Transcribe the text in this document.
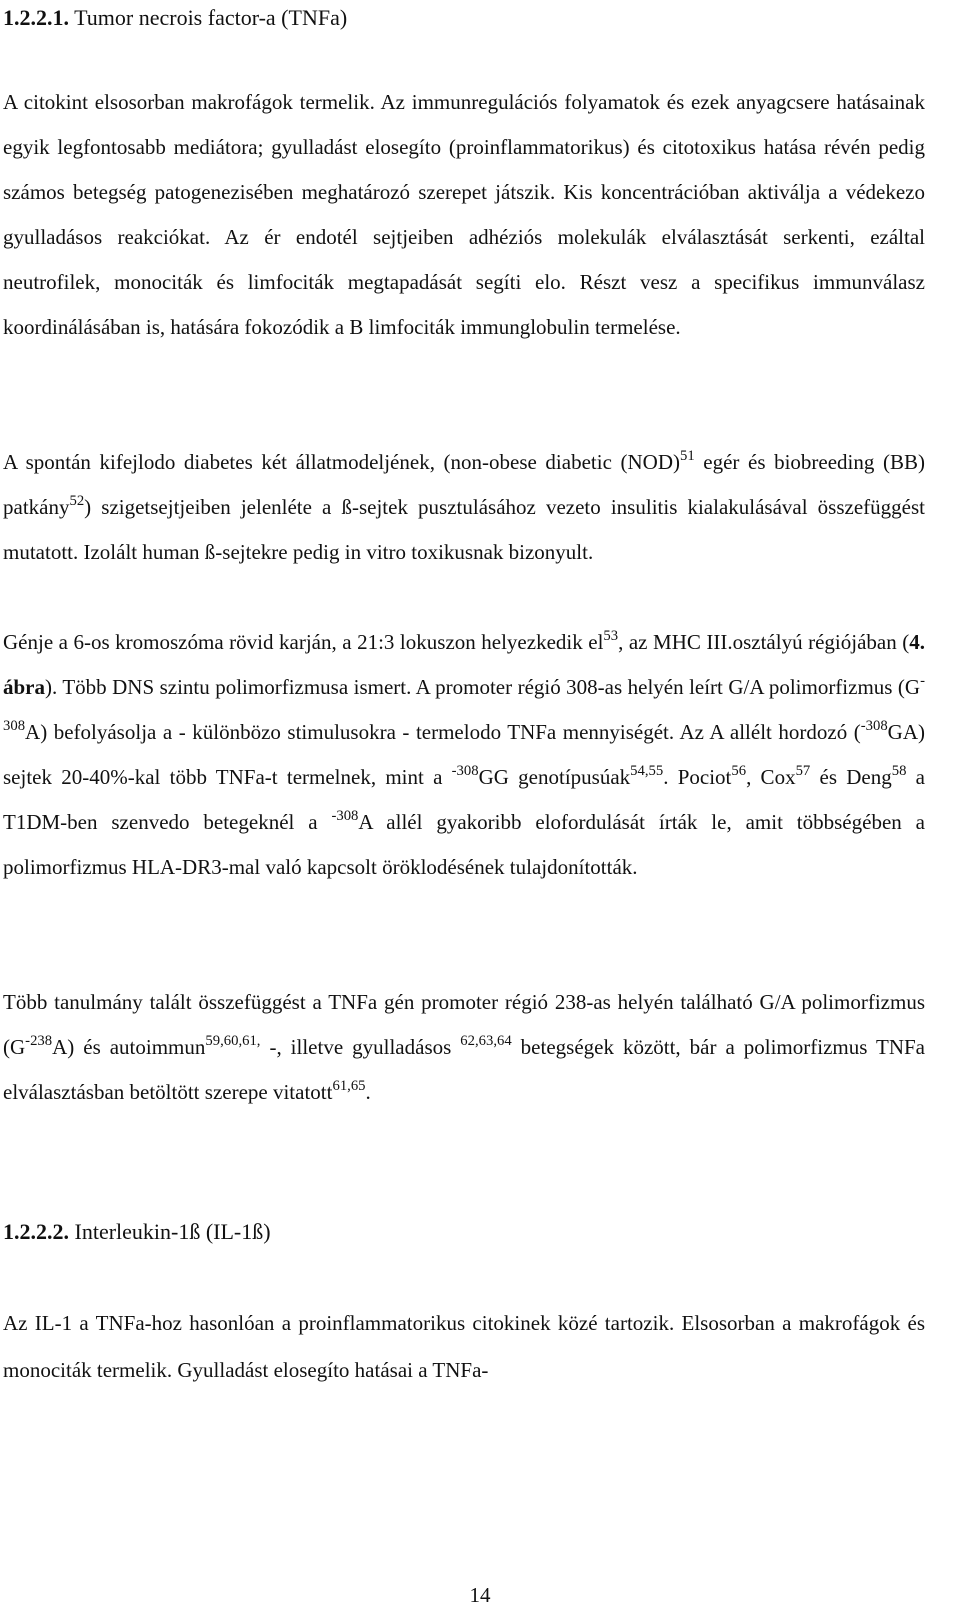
1.2.2.1. Tumor necrois factor-a (TNFa)

A citokint elsosorban makrofágok termelik. Az immunregulációs folyamatok és ezek anyagcsere hatásainak egyik legfontosabb mediátora; gyulladást elosegíto (proinflammatorikus) és citotoxikus hatása révén pedig számos betegség patogenezisében meghatározó szerepet játszik. Kis koncentrációban aktiválja a védekezo gyulladásos reakciókat. Az ér endotél sejtjeiben adhéziós molekulák elválasztását serkenti, ezáltal neutrofilek, monociták és limfociták megtapadását segíti elo. Részt vesz a specifikus immunválasz koordinálásában is, hatására fokozódik a B limfociták immunglobulin termelése.

A spontán kifejlodo diabetes két állatmodeljének, (non-obese diabetic (NOD)$^{51}$ egér és biobreeding (BB) patkány$^{52}$) szigetsejtjeiben jelenléte a ß-sejtek pusztulásához vezeto insulitis kialakulásával összefüggést mutatott. Izolált human ß-sejtekre pedig in vitro toxikusnak bizonyult.

Génje a 6-os kromoszóma rövid karján, a 21:3 lokuszon helyezkedik $el^{53}$, az MHC III.osztályú régiójában (4. ábra). Több DNS szintu polimorfizmusa ismert. A promoter régió 308-as helyén leírt G/A polimorfizmus $(G^{-308}A)$ befolyásolja a - különbözo stimulusokra - termelodo TNFa mennyiségét. Az A allélt hordozó ($^{-308}$GA) sejtek 20-40%-kal több TNFa-t termelnek, mint a $^{-308}$GG genotípusúak$^{54,55}$. Pociot$^{56}$, Cox$^{57}$ és Deng$^{58}$ a T1DM-ben szenvedo betegeknél a $^{-308}$A allél gyakoribb elofordulását írták le, amit többségében a polimorfizmus HLA-DR3-mal való kapcsolt öröklodésének tulajdonították.

Több tanulmány talált összefüggést a TNFa gén promoter régió 238-as helyén található G/A polimorfizmus $(G^{-238}A)$ és autoimmun$^{59,60,61,}$ -, illetve gyulladásos $^{62,63,64}$ betegségek között, bár a polimorfizmus TNFa elválasztásban betöltött szerepe vitatott$^{61,65}$.

1.2.2.2. Interleukin-1ß (IL-1ß)

Az IL-1 a TNFa-hoz hasonlóan a proinflammatorikus citokinek közé tartozik. Elsosorban a makrofágok és monociták termelik. Gyulladást elosegíto hatásai a TNFa-

14
